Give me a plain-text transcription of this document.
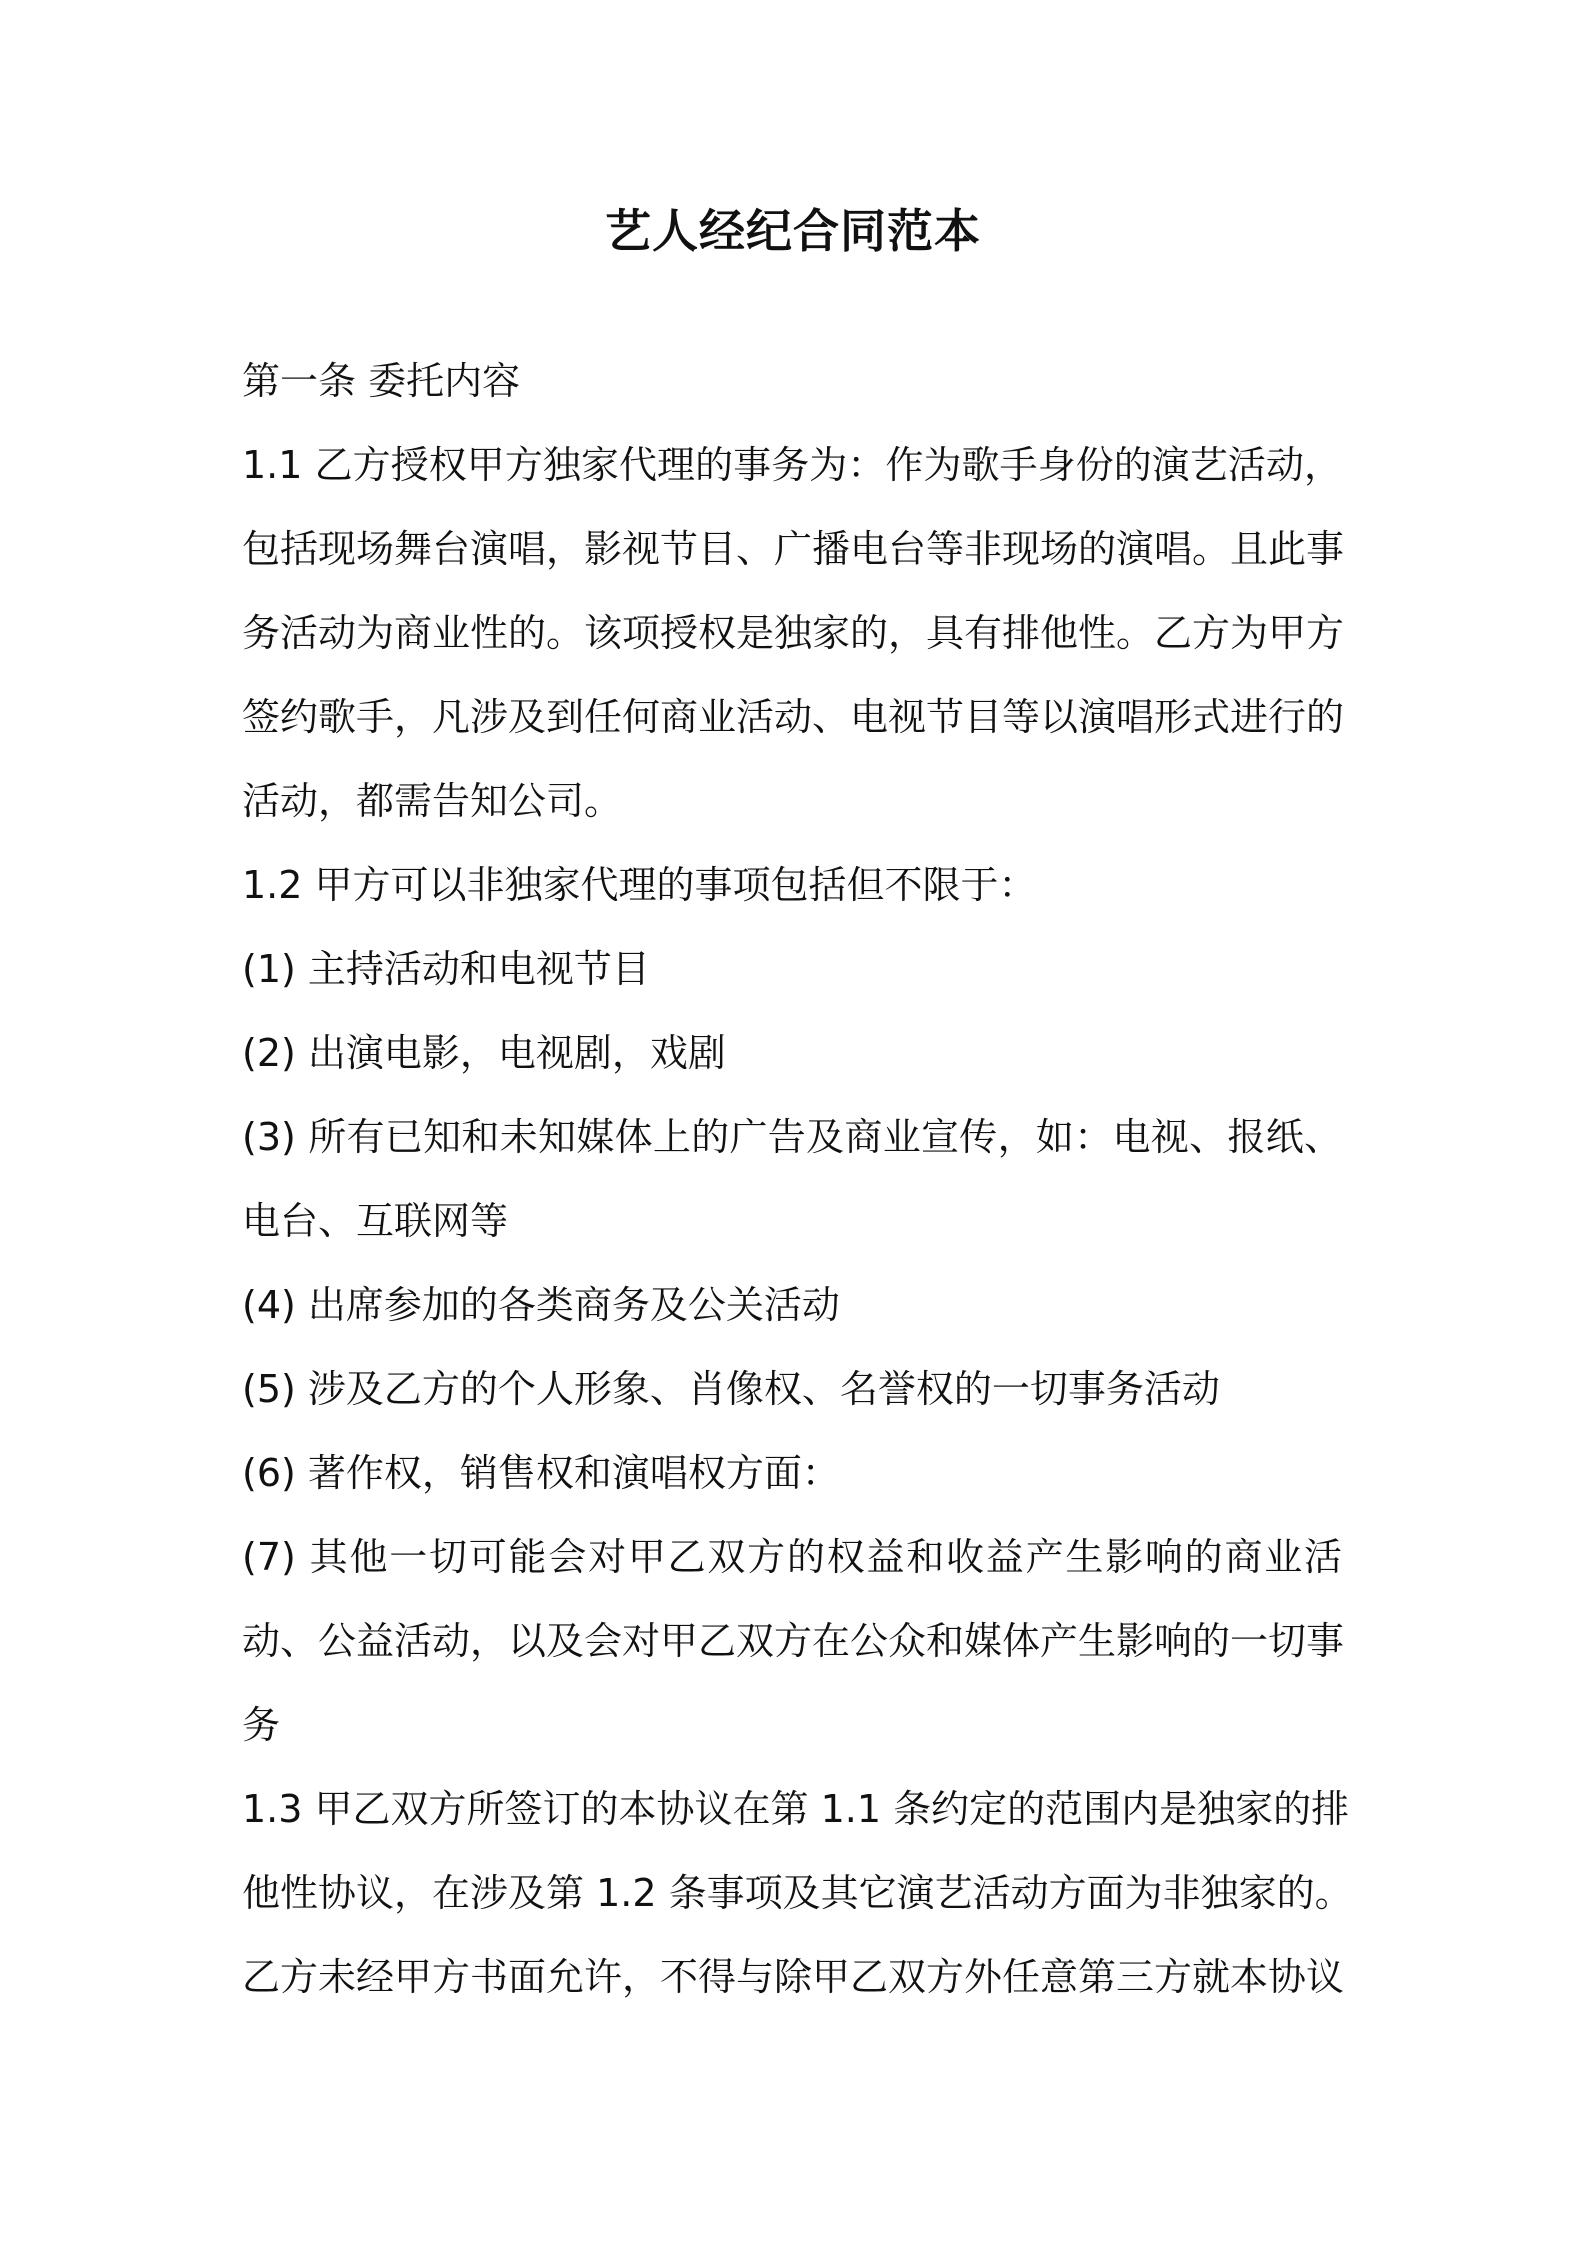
艺人经纪合同范本
第一条 委托内容
1.1 乙方授权甲方独家代理的事务为：作为歌手身份的演艺活动，
包括现场舞台演唱，影视节目、广播电台等非现场的演唱。且此事
务活动为商业性的。该项授权是独家的，具有排他性。乙方为甲方
签约歌手，凡涉及到任何商业活动、电视节目等以演唱形式进行的
活动，都需告知公司。
1.2 甲方可以非独家代理的事项包括但不限于：
(1) 主持活动和电视节目
(2) 出演电影，电视剧，戏剧
(3) 所有已知和未知媒体上的广告及商业宣传，如：电视、报纸、
电台、互联网等
(4) 出席参加的各类商务及公关活动
(5) 涉及乙方的个人形象、肖像权、名誉权的一切事务活动
(6) 著作权，销售权和演唱权方面：
(7) 其他一切可能会对甲乙双方的权益和收益产生影响的商业活
动、公益活动，以及会对甲乙双方在公众和媒体产生影响的一切事
务
1.3 甲乙双方所签订的本协议在第 1.1 条约定的范围内是独家的排
他性协议，在涉及第 1.2 条事项及其它演艺活动方面为非独家的。
乙方未经甲方书面允许，不得与除甲乙双方外任意第三方就本协议
